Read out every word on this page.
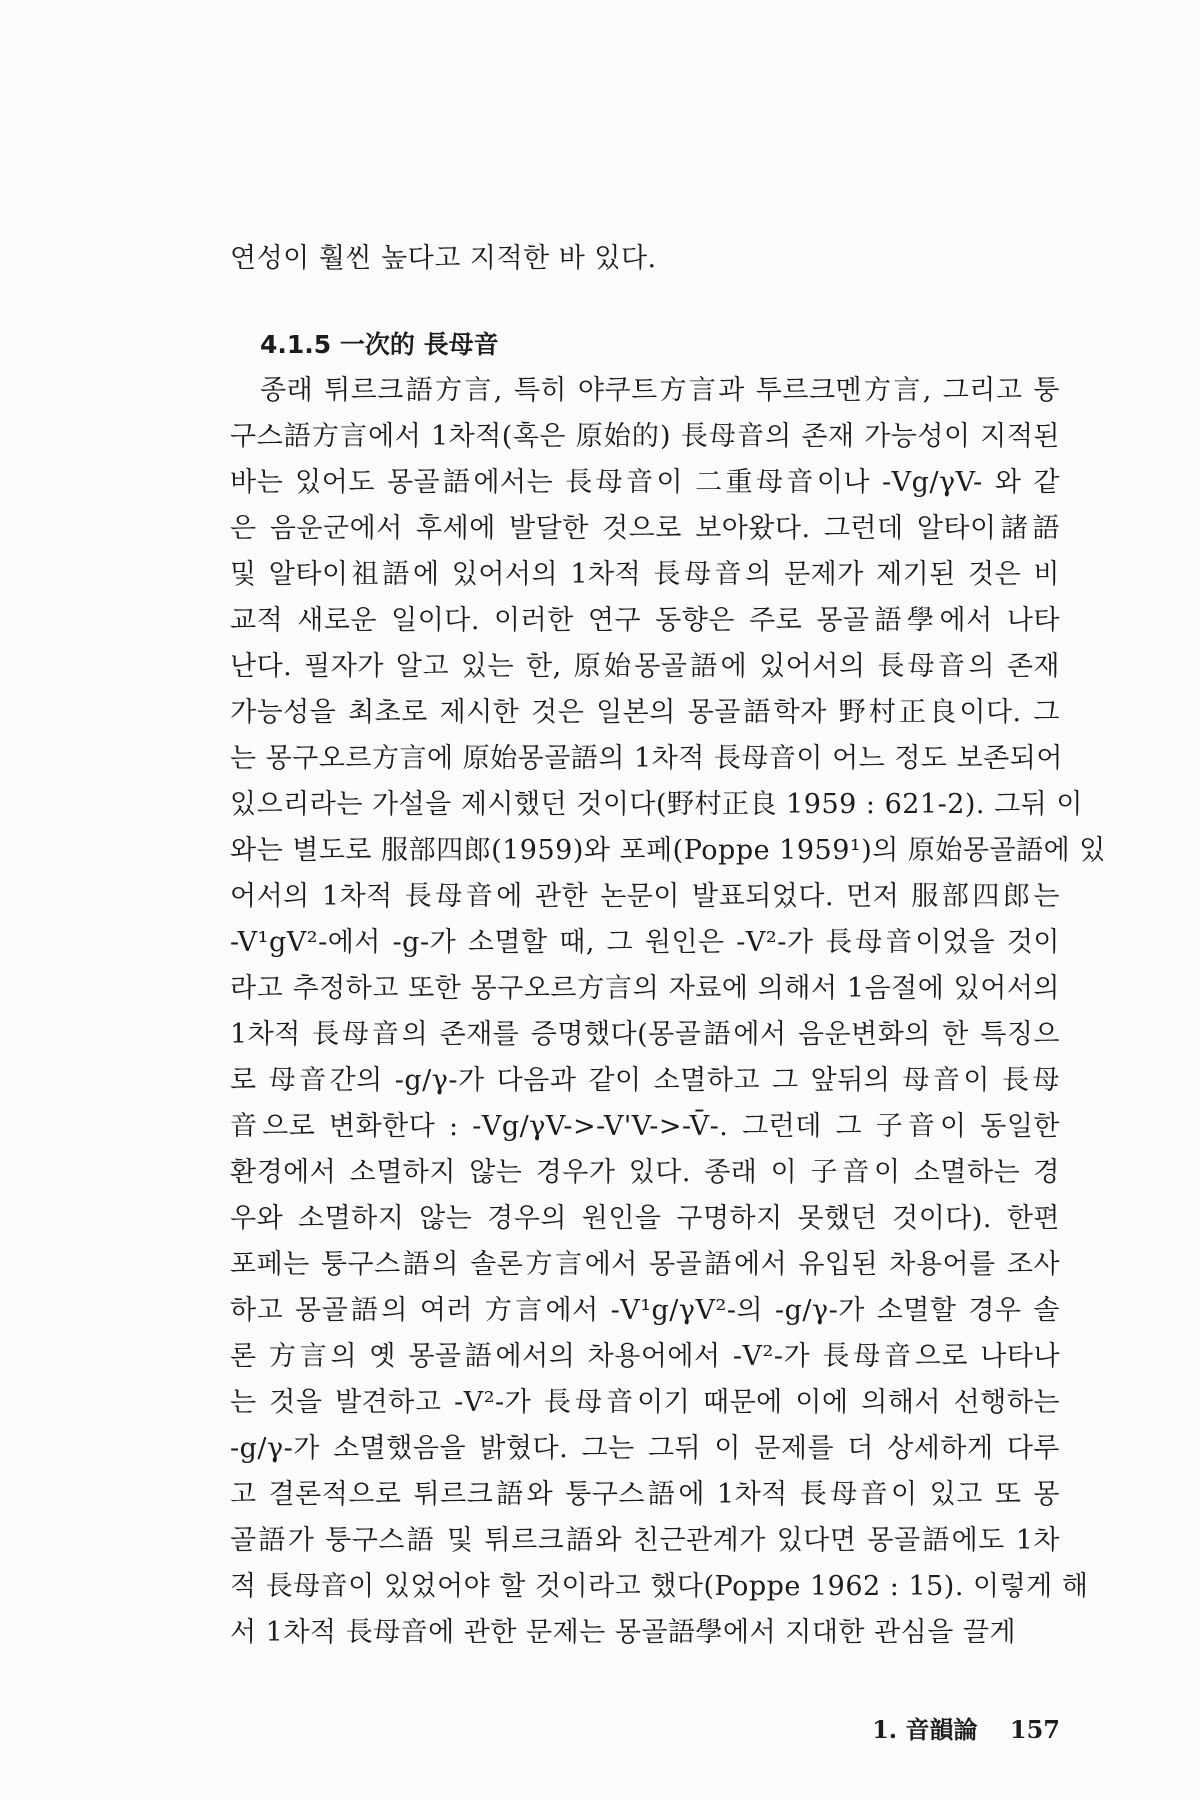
연성이 훨씬 높다고 지적한 바 있다.
4.1.5 一次的 長母音
종래 튀르크語方言, 특히 야쿠트方言과 투르크멘方言, 그리고 퉁
구스語方言에서 1차적(혹은 原始的) 長母音의 존재 가능성이 지적된
바는 있어도 몽골語에서는 長母音이 二重母音이나 -Vg/γV- 와 같
은 음운군에서 후세에 발달한 것으로 보아왔다. 그런데 알타이諸語
및 알타이祖語에 있어서의 1차적 長母音의 문제가 제기된 것은 비
교적 새로운 일이다. 이러한 연구 동향은 주로 몽골語學에서 나타
난다. 필자가 알고 있는 한, 原始몽골語에 있어서의 長母音의 존재
가능성을 최초로 제시한 것은 일본의 몽골語학자 野村正良이다. 그
는 몽구오르方言에 原始몽골語의 1차적 長母音이 어느 정도 보존되어
있으리라는 가설을 제시했던 것이다(野村正良 1959 : 621-2). 그뒤 이
와는 별도로 服部四郎(1959)와 포페(Poppe 1959¹)의 原始몽골語에 있
어서의 1차적 長母音에 관한 논문이 발표되었다. 먼저 服部四郎는
-V¹gV²-에서 -g-가 소멸할 때, 그 원인은 -V²-가 長母音이었을 것이
라고 추정하고 또한 몽구오르方言의 자료에 의해서 1음절에 있어서의
1차적 長母音의 존재를 증명했다(몽골語에서 음운변화의 한 특징으
로 母音간의 -g/γ-가 다음과 같이 소멸하고 그 앞뒤의 母音이 長母
音으로 변화한다 : -Vg/γV->-V'V->-V̄-. 그런데 그 子音이 동일한
환경에서 소멸하지 않는 경우가 있다. 종래 이 子音이 소멸하는 경
우와 소멸하지 않는 경우의 원인을 구명하지 못했던 것이다). 한편
포페는 퉁구스語의 솔론方言에서 몽골語에서 유입된 차용어를 조사
하고 몽골語의 여러 方言에서 -V¹g/γV²-의 -g/γ-가 소멸할 경우 솔
론 方言의 옛 몽골語에서의 차용어에서 -V²-가 長母音으로 나타나
는 것을 발견하고 -V²-가 長母音이기 때문에 이에 의해서 선행하는
-g/γ-가 소멸했음을 밝혔다. 그는 그뒤 이 문제를 더 상세하게 다루
고 결론적으로 튀르크語와 퉁구스語에 1차적 長母音이 있고 또 몽
골語가 퉁구스語 및 튀르크語와 친근관계가 있다면 몽골語에도 1차
적 長母音이 있었어야 할 것이라고 했다(Poppe 1962 : 15). 이렇게 해
서 1차적 長母音에 관한 문제는 몽골語學에서 지대한 관심을 끌게
1. 音韻論 157
